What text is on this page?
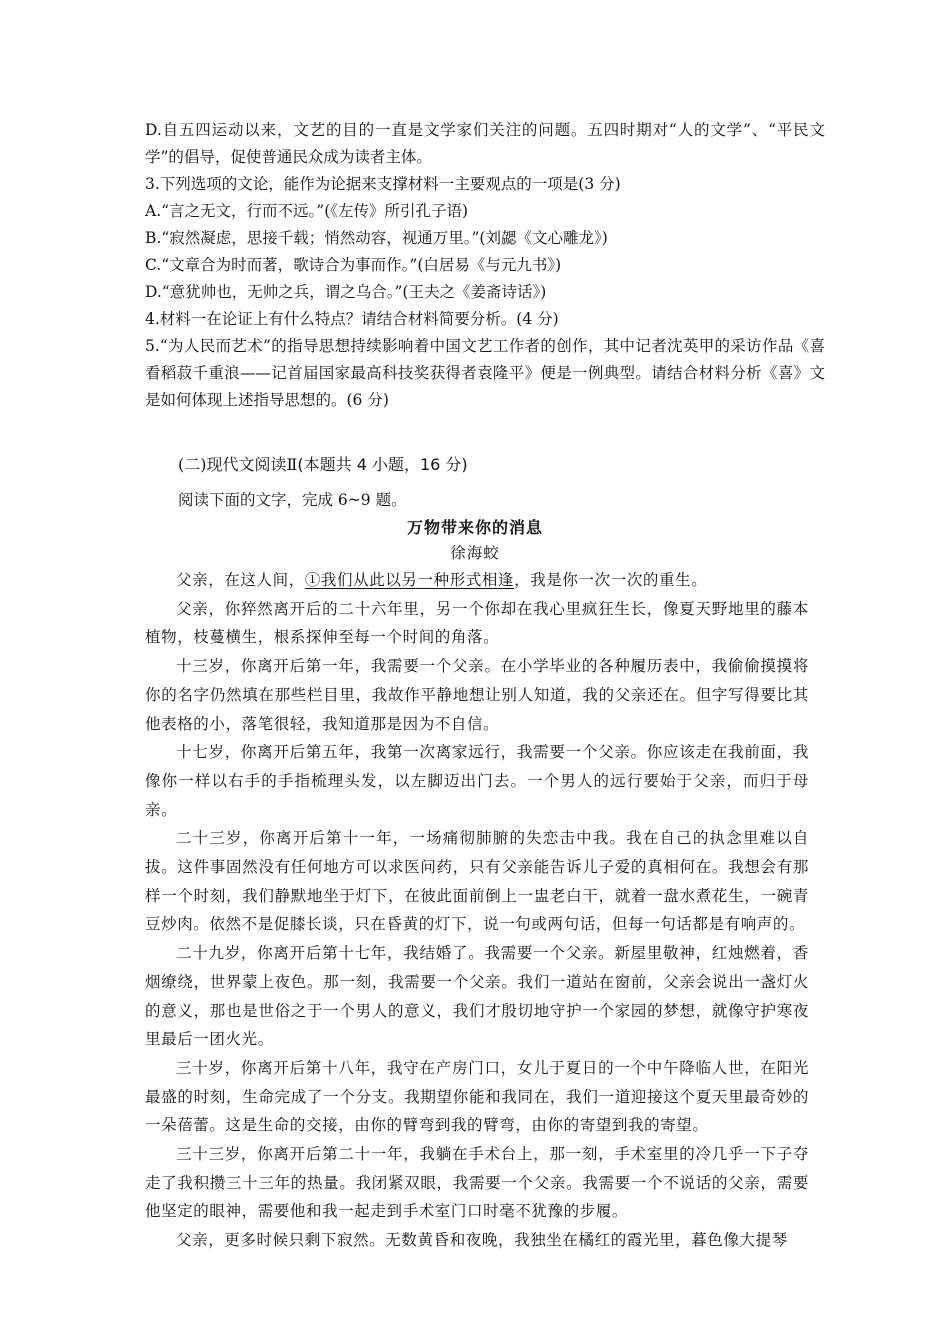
D.自五四运动以来，文艺的目的一直是文学家们关注的问题。五四时期对“人的文学”、“平民文学”的倡导，促使普通民众成为读者主体。
3.下列选项的文论，能作为论据来支撑材料一主要观点的一项是(3 分)
A.“言之无文，行而不远。”(《左传》所引孔子语)
B.“寂然凝虑，思接千载；悄然动容，视通万里。”(刘勰《文心雕龙》)
C.“文章合为时而著，歌诗合为事而作。”(白居易《与元九书》)
D.“意犹帅也，无帅之兵，谓之乌合。”(王夫之《姜斋诗话》)
4.材料一在论证上有什么特点？请结合材料简要分析。(4 分)
5.“为人民而艺术”的指导思想持续影响着中国文艺工作者的创作，其中记者沈英甲的采访作品《喜看稻菽千重浪——记首届国家最高科技奖获得者袁隆平》便是一例典型。请结合材料分析《喜》文是如何体现上述指导思想的。(6 分)
(二)现代文阅读Ⅱ(本题共 4 小题，16 分)
阅读下面的文字，完成 6~9 题。
万物带来你的消息
徐海蛟

父亲，在这人间，①我们从此以另一种形式相逢，我是你一次一次的重生。

父亲，你猝然离开后的二十六年里，另一个你却在我心里疯狂生长，像夏天野地里的藤本植物，枝蔓横生，根系探伸至每一个时间的角落。

十三岁，你离开后第一年，我需要一个父亲。在小学毕业的各种履历表中，我偷偷摸摸将你的名字仍然填在那些栏目里，我故作平静地想让别人知道，我的父亲还在。但字写得要比其他表格的小，落笔很轻，我知道那是因为不自信。

十七岁，你离开后第五年，我第一次离家远行，我需要一个父亲。你应该走在我前面，我像你一样以右手的手指梳理头发，以左脚迈出门去。一个男人的远行要始于父亲，而归于母亲。

二十三岁，你离开后第十一年，一场痛彻肺腑的失恋击中我。我在自己的执念里难以自拔。这件事固然没有任何地方可以求医问药，只有父亲能告诉儿子爱的真相何在。我想会有那样一个时刻，我们静默地坐于灯下，在彼此面前倒上一盅老白干，就着一盘水煮花生，一碗青豆炒肉。依然不是促膝长谈，只在昏黄的灯下，说一句或两句话，但每一句话都是有响声的。

二十九岁，你离开后第十七年，我结婚了。我需要一个父亲。新屋里敬神，红烛燃着，香烟缭绕，世界蒙上夜色。那一刻，我需要一个父亲。我们一道站在窗前，父亲会说出一盏灯火的意义，那也是世俗之于一个男人的意义，我们才殷切地守护一个家园的梦想，就像守护寒夜里最后一团火光。

三十岁，你离开后第十八年，我守在产房门口，女儿于夏日的一个中午降临人世，在阳光最盛的时刻，生命完成了一个分支。我期望你能和我同在，我们一道迎接这个夏天里最奇妙的一朵蓓蕾。这是生命的交接，由你的臂弯到我的臂弯，由你的寄望到我的寄望。

三十三岁，你离开后第二十一年，我躺在手术台上，那一刻，手术室里的冷几乎一下子夺走了我积攒三十三年的热量。我闭紧双眼，我需要一个父亲。我需要一个不说话的父亲，需要他坚定的眼神，需要他和我一起走到手术室门口时毫不犹豫的步履。

父亲，更多时候只剩下寂然。无数黄昏和夜晚，我独坐在橘红的霞光里，暮色像大提琴
